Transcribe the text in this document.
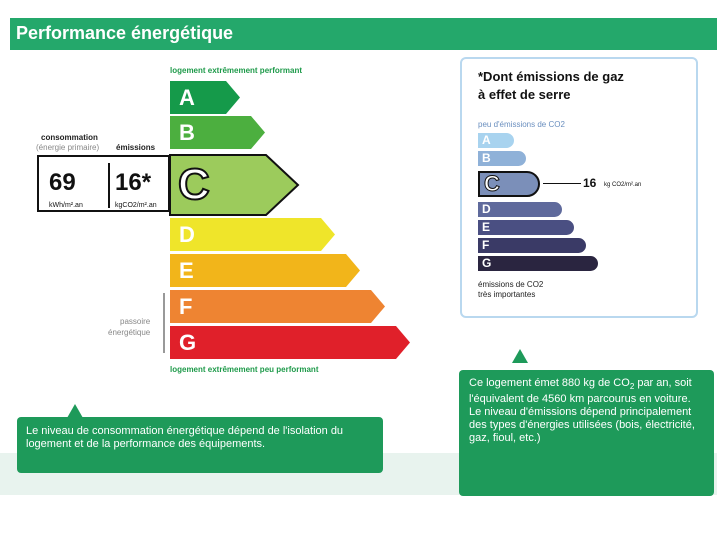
Performance énergétique
logement extrêmement performant
logement extrêmement peu performant
A
B
C
D
E
F
G
consommation
(énergie primaire) émissions
69
kWh/m².an
16*
kgCO2/m².an
passoire
énergétique
*Dont émissions de gaz
à effet de serre
peu d'émissions de CO2
A
B
C
D
E
F
G
16 kg CO2/m².an
émissions de CO2
très importantes
Le niveau de consommation énergétique dépend de l'isolation du logement et de la performance des équipements.
Ce logement émet 880 kg de $CO_2$ par an, soit l'équivalent de 4560 km parcourus en voiture.
Le niveau d'émissions dépend principalement des types d'énergies utilisées (bois, électricité, gaz, fioul, etc.)
